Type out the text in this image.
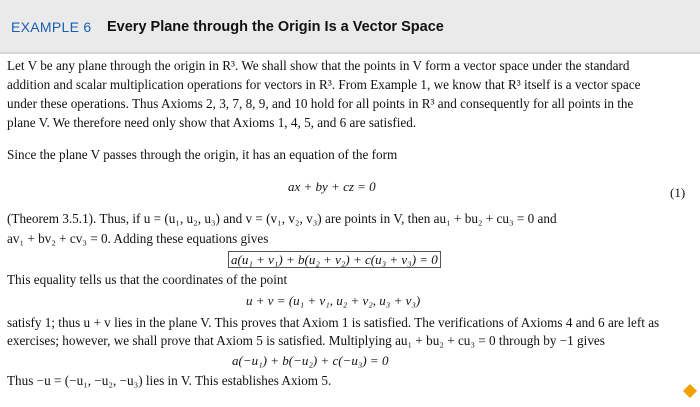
EXAMPLE 6 Every Plane through the Origin Is a Vector Space
Let V be any plane through the origin in R³. We shall show that the points in V form a vector space under the standard
addition and scalar multiplication operations for vectors in R³. From Example 1, we know that R³ itself is a vector space
under these operations. Thus Axioms 2, 3, 7, 8, 9, and 10 hold for all points in R³ and consequently for all points in the
plane V. We therefore need only show that Axioms 1, 4, 5, and 6 are satisfied.
Since the plane V passes through the origin, it has an equation of the form
ax + by + cz = 0	(1)
(Theorem 3.5.1). Thus, if u = (u₁, u₂, u₃) and v = (v₁, v₂, v₃) are points in V, then au₁ + bu₂ + cu₃ = 0 and
av₁ + bv₂ + cv₃ = 0. Adding these equations gives
a(u₁ + v₁) + b(u₂ + v₂) + c(u₃ + v₃) = 0
This equality tells us that the coordinates of the point
u + v = (u₁ + v₁, u₂ + v₂, u₃ + v₃)
satisfy 1; thus u + v lies in the plane V. This proves that Axiom 1 is satisfied. The verifications of Axioms 4 and 6 are left as
exercises; however, we shall prove that Axiom 5 is satisfied. Multiplying au₁ + bu₂ + cu₃ = 0 through by −1 gives
a(−u₁) + b(−u₂) + c(−u₃) = 0
Thus −u = (−u₁, −u₂, −u₃) lies in V. This establishes Axiom 5.
